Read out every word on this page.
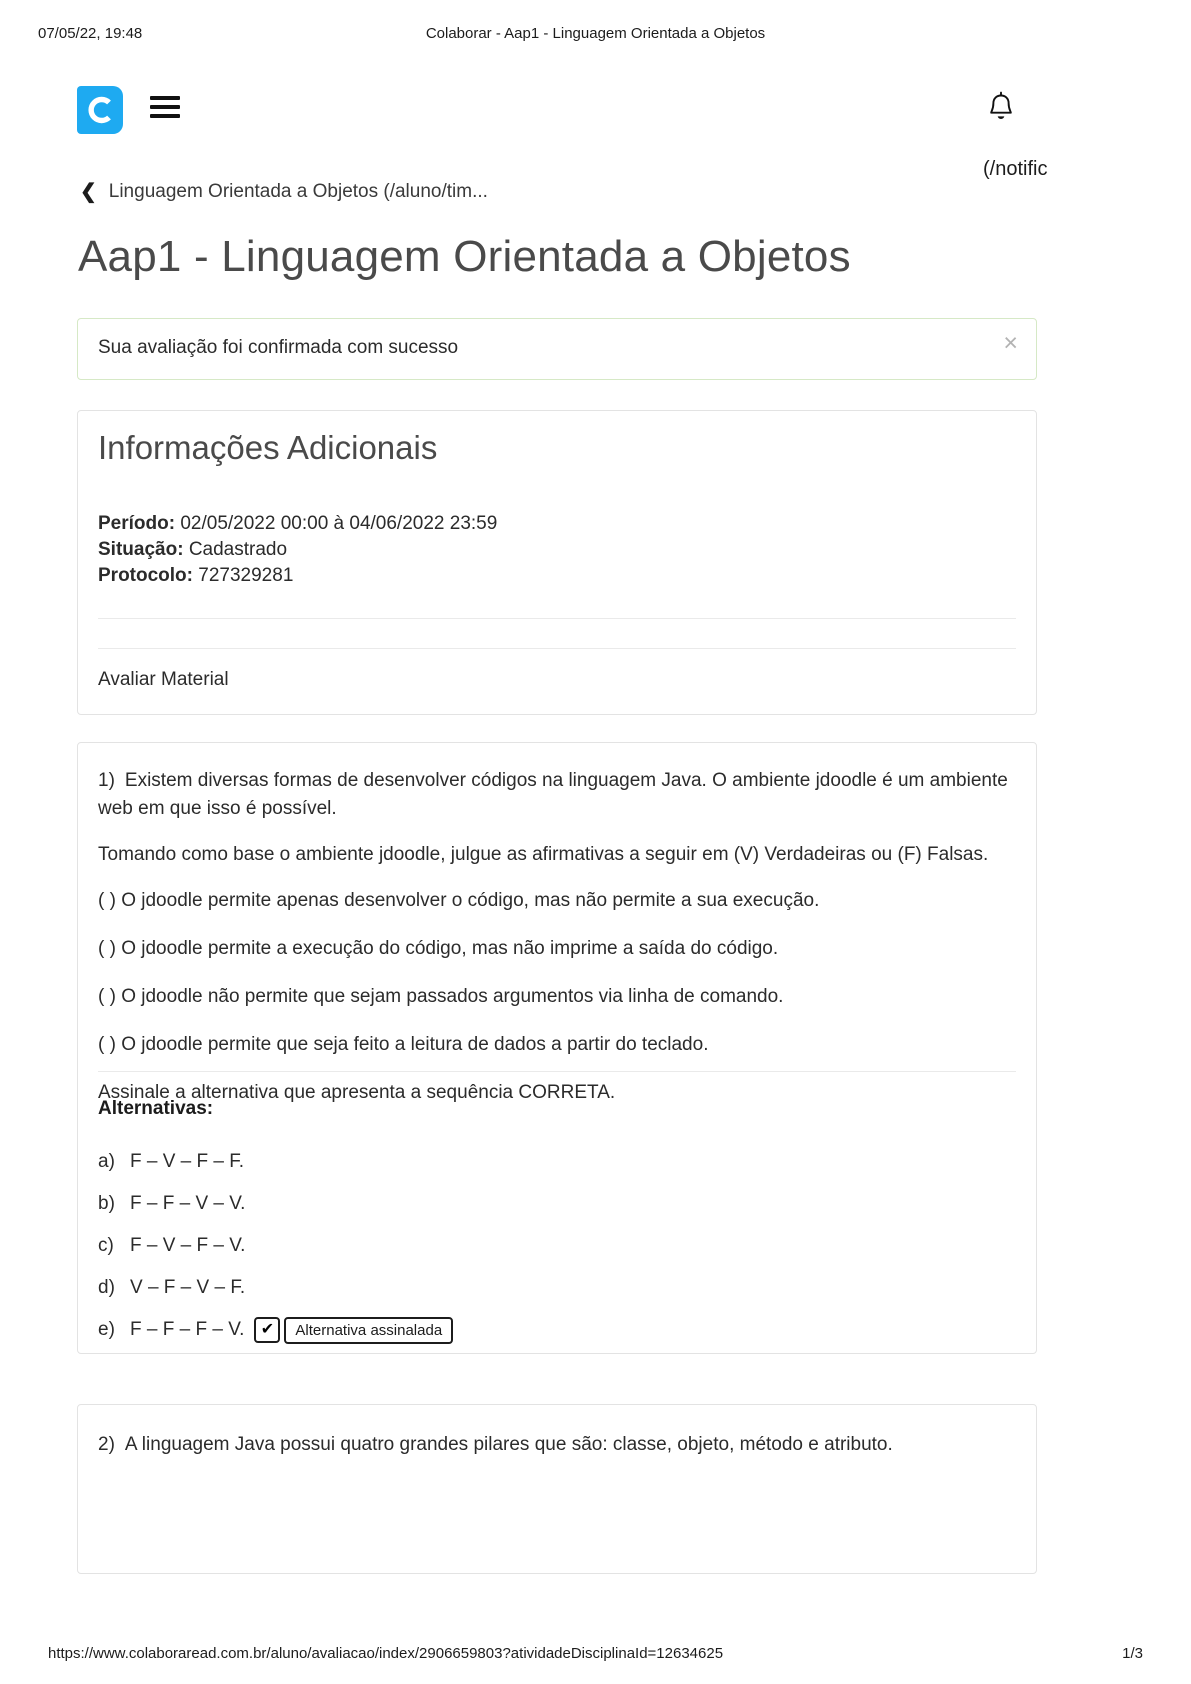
07/05/22, 19:48	Colaborar - Aap1 - Linguagem Orientada a Objetos
(/notific
❮ Linguagem Orientada a Objetos (/aluno/tim...
Aap1 - Linguagem Orientada a Objetos
Sua avaliação foi confirmada com sucesso	×
Informações Adicionais
Período: 02/05/2022 00:00 à 04/06/2022 23:59
Situação: Cadastrado
Protocolo: 727329281
Avaliar Material

1) Existem diversas formas de desenvolver códigos na linguagem Java. O ambiente jdoodle é um ambiente web em que isso é possível.

Tomando como base o ambiente jdoodle, julgue as afirmativas a seguir em (V) Verdadeiras ou (F) Falsas.

( ) O jdoodle permite apenas desenvolver o código, mas não permite a sua execução.

( ) O jdoodle permite a execução do código, mas não imprime a saída do código.

( ) O jdoodle não permite que sejam passados argumentos via linha de comando.

( ) O jdoodle permite que seja feito a leitura de dados a partir do teclado.

Assinale a alternativa que apresenta a sequência CORRETA.

Alternativas:
a) F – V – F – F.
b) F – F – V – V.
c) F – V – F – V.
d) V – F – V – F.
e) F – F – F – V.	✔	Alternativa assinalada
2) A linguagem Java possui quatro grandes pilares que são: classe, objeto, método e atributo.
https://www.colaboraread.com.br/aluno/avaliacao/index/2906659803?atividadeDisciplinaId=12634625	1/3
